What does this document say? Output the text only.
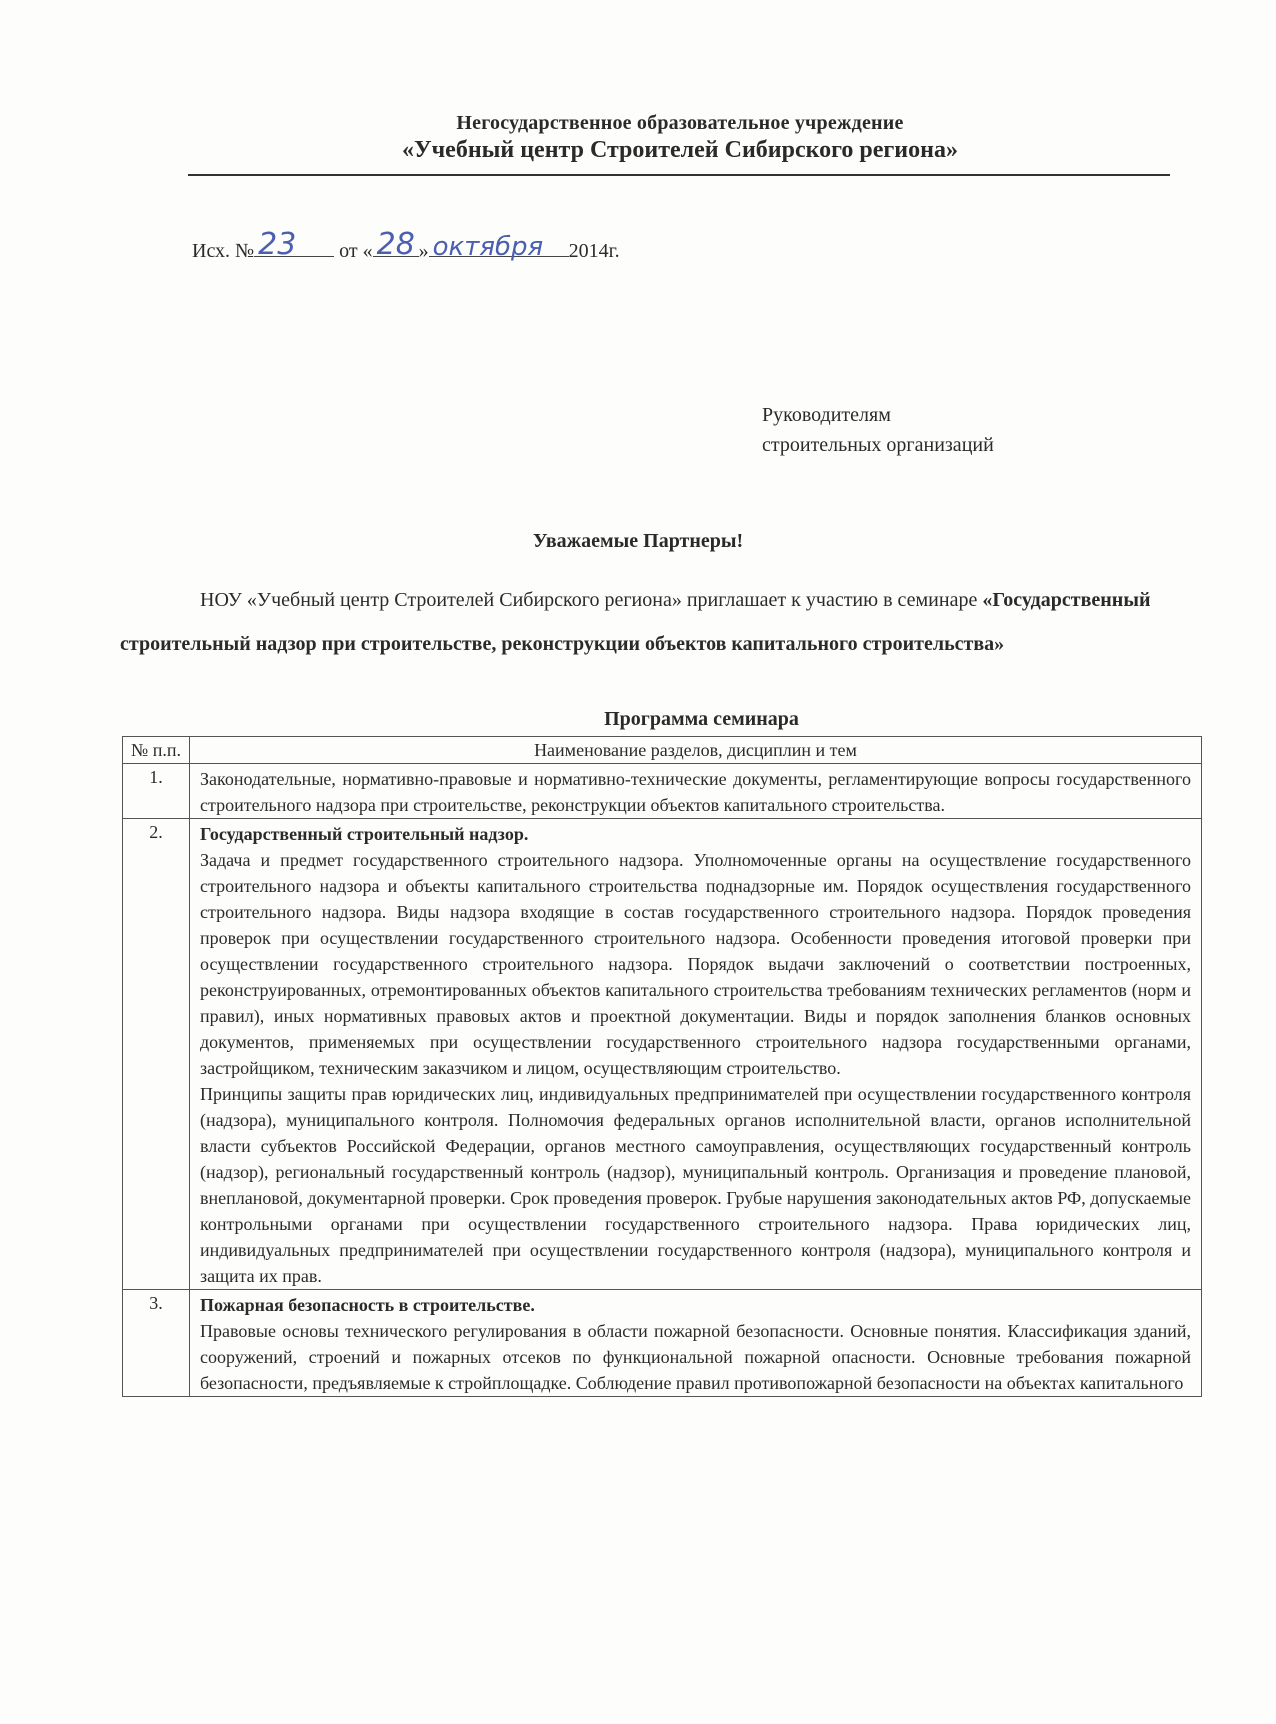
Негосударственное образовательное учреждение
«Учебный центр Строителей Сибирского региона»
Исх. № 23 от « 28 » октября 2014г.
Руководителям
строительных организаций
Уважаемые Партнеры!
НОУ «Учебный центр Строителей Сибирского региона» приглашает к участию в семинаре «Государственный строительный надзор при строительстве, реконструкции объектов капитального строительства»
Программа семинара
№ п.п.	Наименование разделов, дисциплин и тем
1.	Законодательные, нормативно-правовые и нормативно-технические документы, регламентирующие вопросы государственного строительного надзора при строительстве, реконструкции объектов капитального строительства.

2.	Государственный строительный надзор.
Задача и предмет государственного строительного надзора. Уполномоченные органы на осуществление государственного строительного надзора и объекты капитального строительства поднадзорные им. Порядок осуществления государственного строительного надзора. Виды надзора входящие в состав государственного строительного надзора. Порядок проведения проверок при осуществлении государственного строительного надзора. Особенности проведения итоговой проверки при осуществлении государственного строительного надзора. Порядок выдачи заключений о соответствии построенных, реконструированных, отремонтированных объектов капитального строительства требованиям технических регламентов (норм и правил), иных нормативных правовых актов и проектной документации. Виды и порядок заполнения бланков основных документов, применяемых при осуществлении государственного строительного надзора государственными органами, застройщиком, техническим заказчиком и лицом, осуществляющим строительство.
Принципы защиты прав юридических лиц, индивидуальных предпринимателей при осуществлении государственного контроля (надзора), муниципального контроля. Полномочия федеральных органов исполнительной власти, органов исполнительной власти субъектов Российской Федерации, органов местного самоуправления, осуществляющих государственный контроль (надзор), региональный государственный контроль (надзор), муниципальный контроль. Организация и проведение плановой, внеплановой, документарной проверки. Срок проведения проверок. Грубые нарушения законодательных актов РФ, допускаемые контрольными органами при осуществлении государственного строительного надзора. Права юридических лиц, индивидуальных предпринимателей при осуществлении государственного контроля (надзора), муниципального контроля и защита их прав.

3.	Пожарная безопасность в строительстве.
Правовые основы технического регулирования в области пожарной безопасности. Основные понятия. Классификация зданий, сооружений, строений и пожарных отсеков по функциональной пожарной опасности. Основные требования пожарной безопасности, предъявляемые к стройплощадке. Соблюдение правил противопожарной безопасности на объектах капитального
